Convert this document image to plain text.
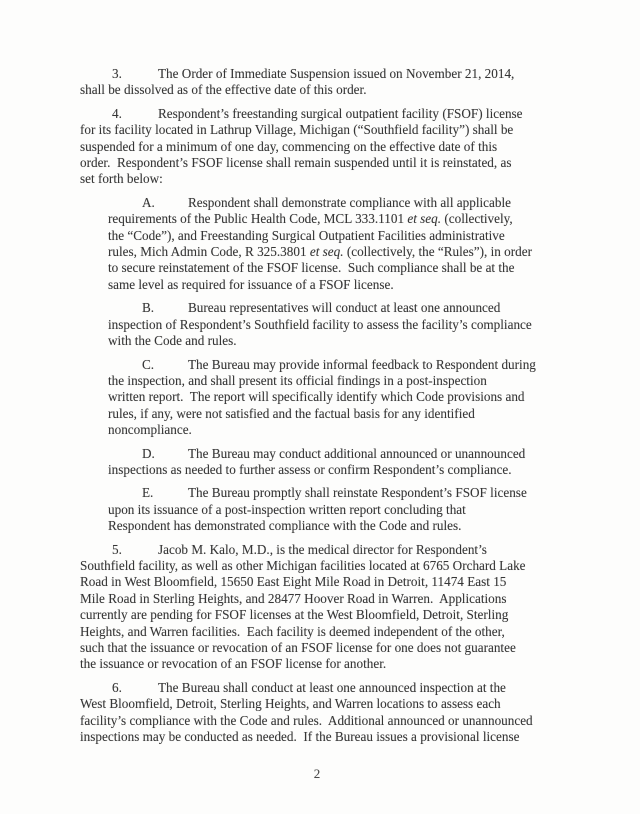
3.	The Order of Immediate Suspension issued on November 21, 2014,
shall be dissolved as of the effective date of this order.

4.	Respondent’s freestanding surgical outpatient facility (FSOF) license
for its facility located in Lathrup Village, Michigan (“Southfield facility”) shall be
suspended for a minimum of one day, commencing on the effective date of this
order.  Respondent’s FSOF license shall remain suspended until it is reinstated, as
set forth below:

A.	Respondent shall demonstrate compliance with all applicable
requirements of the Public Health Code, MCL 333.1101 et seq. (collectively,
the “Code”), and Freestanding Surgical Outpatient Facilities administrative
rules, Mich Admin Code, R 325.3801 et seq. (collectively, the “Rules”), in order
to secure reinstatement of the FSOF license.  Such compliance shall be at the
same level as required for issuance of a FSOF license.

B.	Bureau representatives will conduct at least one announced
inspection of Respondent’s Southfield facility to assess the facility’s compliance
with the Code and rules.

C.	The Bureau may provide informal feedback to Respondent during
the inspection, and shall present its official findings in a post-inspection
written report.  The report will specifically identify which Code provisions and
rules, if any, were not satisfied and the factual basis for any identified
noncompliance.

D.	The Bureau may conduct additional announced or unannounced
inspections as needed to further assess or confirm Respondent’s compliance.

E.	The Bureau promptly shall reinstate Respondent’s FSOF license
upon its issuance of a post-inspection written report concluding that
Respondent has demonstrated compliance with the Code and rules.

5.	Jacob M. Kalo, M.D., is the medical director for Respondent’s
Southfield facility, as well as other Michigan facilities located at 6765 Orchard Lake
Road in West Bloomfield, 15650 East Eight Mile Road in Detroit, 11474 East 15
Mile Road in Sterling Heights, and 28477 Hoover Road in Warren.  Applications
currently are pending for FSOF licenses at the West Bloomfield, Detroit, Sterling
Heights, and Warren facilities.  Each facility is deemed independent of the other,
such that the issuance or revocation of an FSOF license for one does not guarantee
the issuance or revocation of an FSOF license for another.

6.	The Bureau shall conduct at least one announced inspection at the
West Bloomfield, Detroit, Sterling Heights, and Warren locations to assess each
facility’s compliance with the Code and rules.  Additional announced or unannounced
inspections may be conducted as needed.  If the Bureau issues a provisional license

2
